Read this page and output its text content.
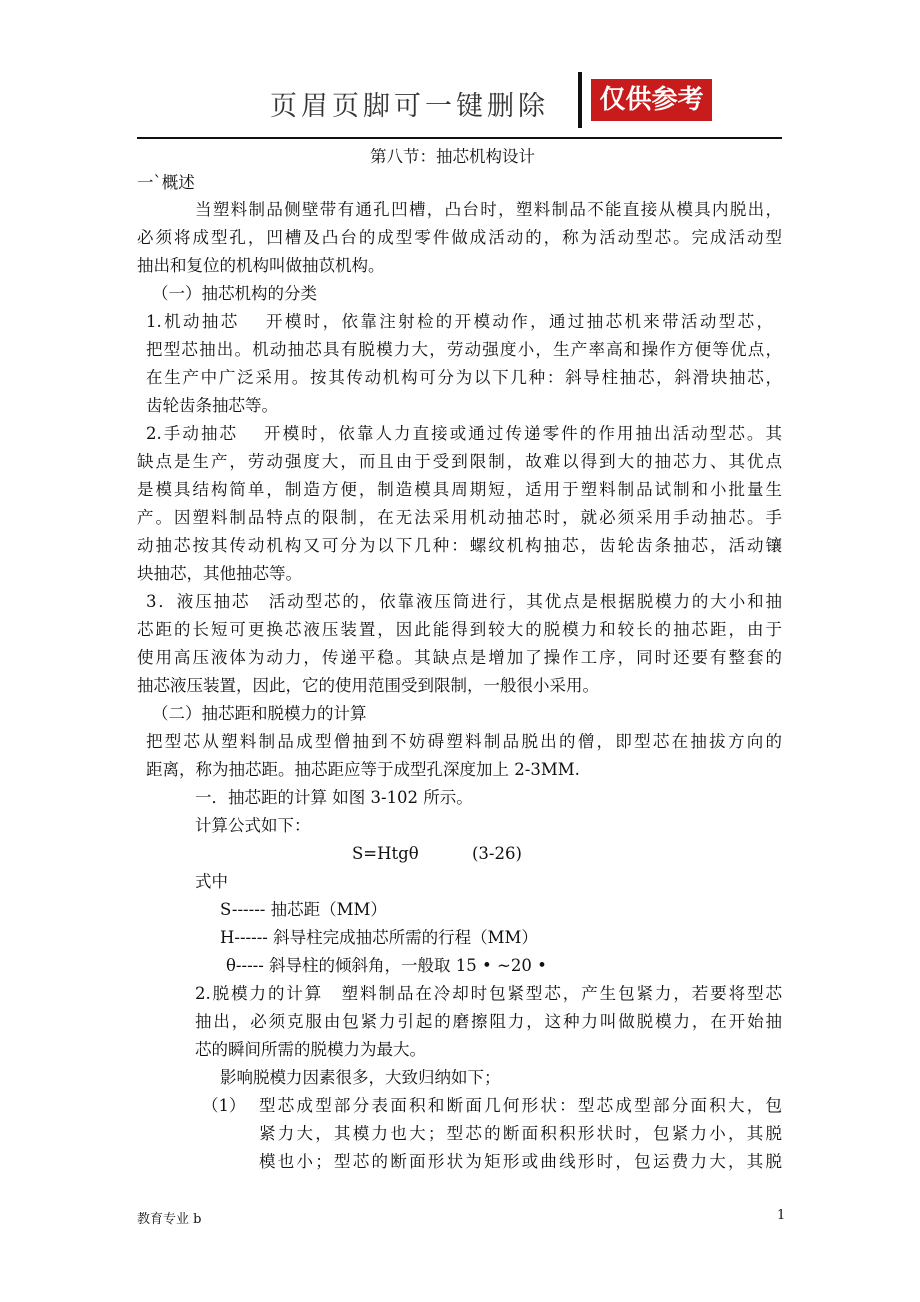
页眉页脚可一键删除	仅供参考
第八节：抽芯机构设计
一`概述
当塑料制品侧壁带有通孔凹槽，凸台时，塑料制品不能直接从模具内脱出，
必须将成型孔，凹槽及凸台的成型零件做成活动的，称为活动型芯。完成活动型
抽出和复位的机构叫做抽苡机构。
（一）抽芯机构的分类
1.机动抽芯　 开模时，依靠注射检的开模动作，通过抽芯机来带活动型芯，
把型芯抽出。机动抽芯具有脱模力大，劳动强度小，生产率高和操作方便等优点，
在生产中广泛采用。按其传动机构可分为以下几种：斜导柱抽芯，斜滑块抽芯，
齿轮齿条抽芯等。
2.手动抽芯　 开模时，依靠人力直接或通过传递零件的作用抽出活动型芯。其
缺点是生产，劳动强度大，而且由于受到限制，故难以得到大的抽芯力、其优点
是模具结构简单，制造方便，制造模具周期短，适用于塑料制品试制和小批量生
产。因塑料制品特点的限制，在无法采用机动抽芯时，就必须采用手动抽芯。手
动抽芯按其传动机构又可分为以下几种：螺纹机构抽芯，齿轮齿条抽芯，活动镶
块抽芯，其他抽芯等。
3．液压抽芯　活动型芯的，依靠液压筒进行，其优点是根据脱模力的大小和抽
芯距的长短可更换芯液压装置，因此能得到较大的脱模力和较长的抽芯距，由于
使用高压液体为动力，传递平稳。其缺点是增加了操作工序，同时还要有整套的
抽芯液压装置，因此，它的使用范围受到限制，一般很小采用。
（二）抽芯距和脱模力的计算
把型芯从塑料制品成型僧抽到不妨碍塑料制品脱出的僧，即型芯在抽拔方向的
距离，称为抽芯距。抽芯距应等于成型孔深度加上 2-3MM.
一．抽芯距的计算 如图 3-102 所示。
计算公式如下：
S=Htgθ	(3-26)
式中
S------ 抽芯距（MM）
H------ 斜导柱完成抽芯所需的行程（MM）
θ----- 斜导柱的倾斜角，一般取 15 • ~20 •
2.脱模力的计算　塑料制品在冷却时包紧型芯，产生包紧力，若要将型芯
抽出，必须克服由包紧力引起的磨擦阻力，这种力叫做脱模力，在开始抽
芯的瞬间所需的脱模力为最大。
影响脱模力因素很多，大致归纳如下；
（1） 型芯成型部分表面积和断面几何形状：型芯成型部分面积大，包
紧力大，其模力也大；型芯的断面积积形状时，包紧力小，其脱
模也小；型芯的断面形状为矩形或曲线形时，包运费力大，其脱
教育专业 b	1
